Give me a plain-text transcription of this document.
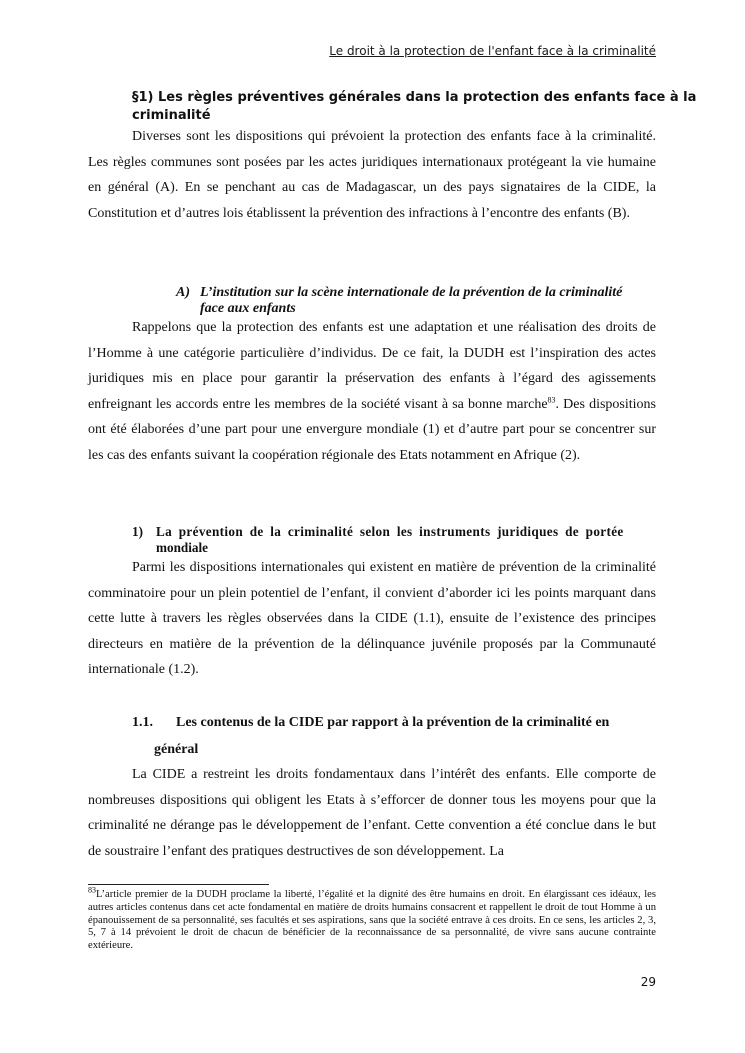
Le droit à la protection de l'enfant face à la criminalité
§1) Les règles préventives générales dans la protection des enfants face à la
criminalité

Diverses sont les dispositions qui prévoient la protection des enfants face à la criminalité. Les règles communes sont posées par les actes juridiques internationaux protégeant la vie humaine en général (A). En se penchant au cas de Madagascar, un des pays signataires de la CIDE, la Constitution et d’autres lois établissent la prévention des infractions à l’encontre des enfants (B).

A) L’institution sur la scène internationale de la prévention de la criminalité
face aux enfants

Rappelons que la protection des enfants est une adaptation et une réalisation des droits de l’Homme à une catégorie particulière d’individus. De ce fait, la DUDH est l’inspiration des actes juridiques mis en place pour garantir la préservation des enfants à l’égard des agissements enfreignant les accords entre les membres de la société visant à sa bonne marche$^{83}$. Des dispositions ont été élaborées d’une part pour une envergure mondiale (1) et d’autre part pour se concentrer sur les cas des enfants suivant la coopération régionale des Etats notamment en Afrique (2).

1) La prévention de la criminalité selon les instruments juridiques de portée
mondiale

Parmi les dispositions internationales qui existent en matière de prévention de la criminalité comminatoire pour un plein potentiel de l’enfant, il convient d’aborder ici les points marquant dans cette lutte à travers les règles observées dans la CIDE (1.1), ensuite de l’existence des principes directeurs en matière de la prévention de la délinquance juvénile proposés par la Communauté internationale (1.2).

1.1. Les contenus de la CIDE par rapport à la prévention de la criminalité en
général

La CIDE a restreint les droits fondamentaux dans l’intérêt des enfants. Elle comporte de nombreuses dispositions qui obligent les Etats à s’efforcer de donner tous les moyens pour que la criminalité ne dérange pas le développement de l’enfant. Cette convention a été conclue dans le but de soustraire l’enfant des pratiques destructives de son développement. La

$^{83}$L’article premier de la DUDH proclame la liberté, l’égalité et la dignité des être humains en droit. En élargissant ces idéaux, les autres articles contenus dans cet acte fondamental en matière de droits humains consacrent et rappellent le droit de tout Homme à un épanouissement de sa personnalité, ses facultés et ses aspirations, sans que la société entrave à ces droits. En ce sens, les articles 2, 3, 5, 7 à 14 prévoient le droit de chacun de bénéficier de la reconnaissance de sa personnalité, de vivre sans aucune contrainte extérieure.

29
